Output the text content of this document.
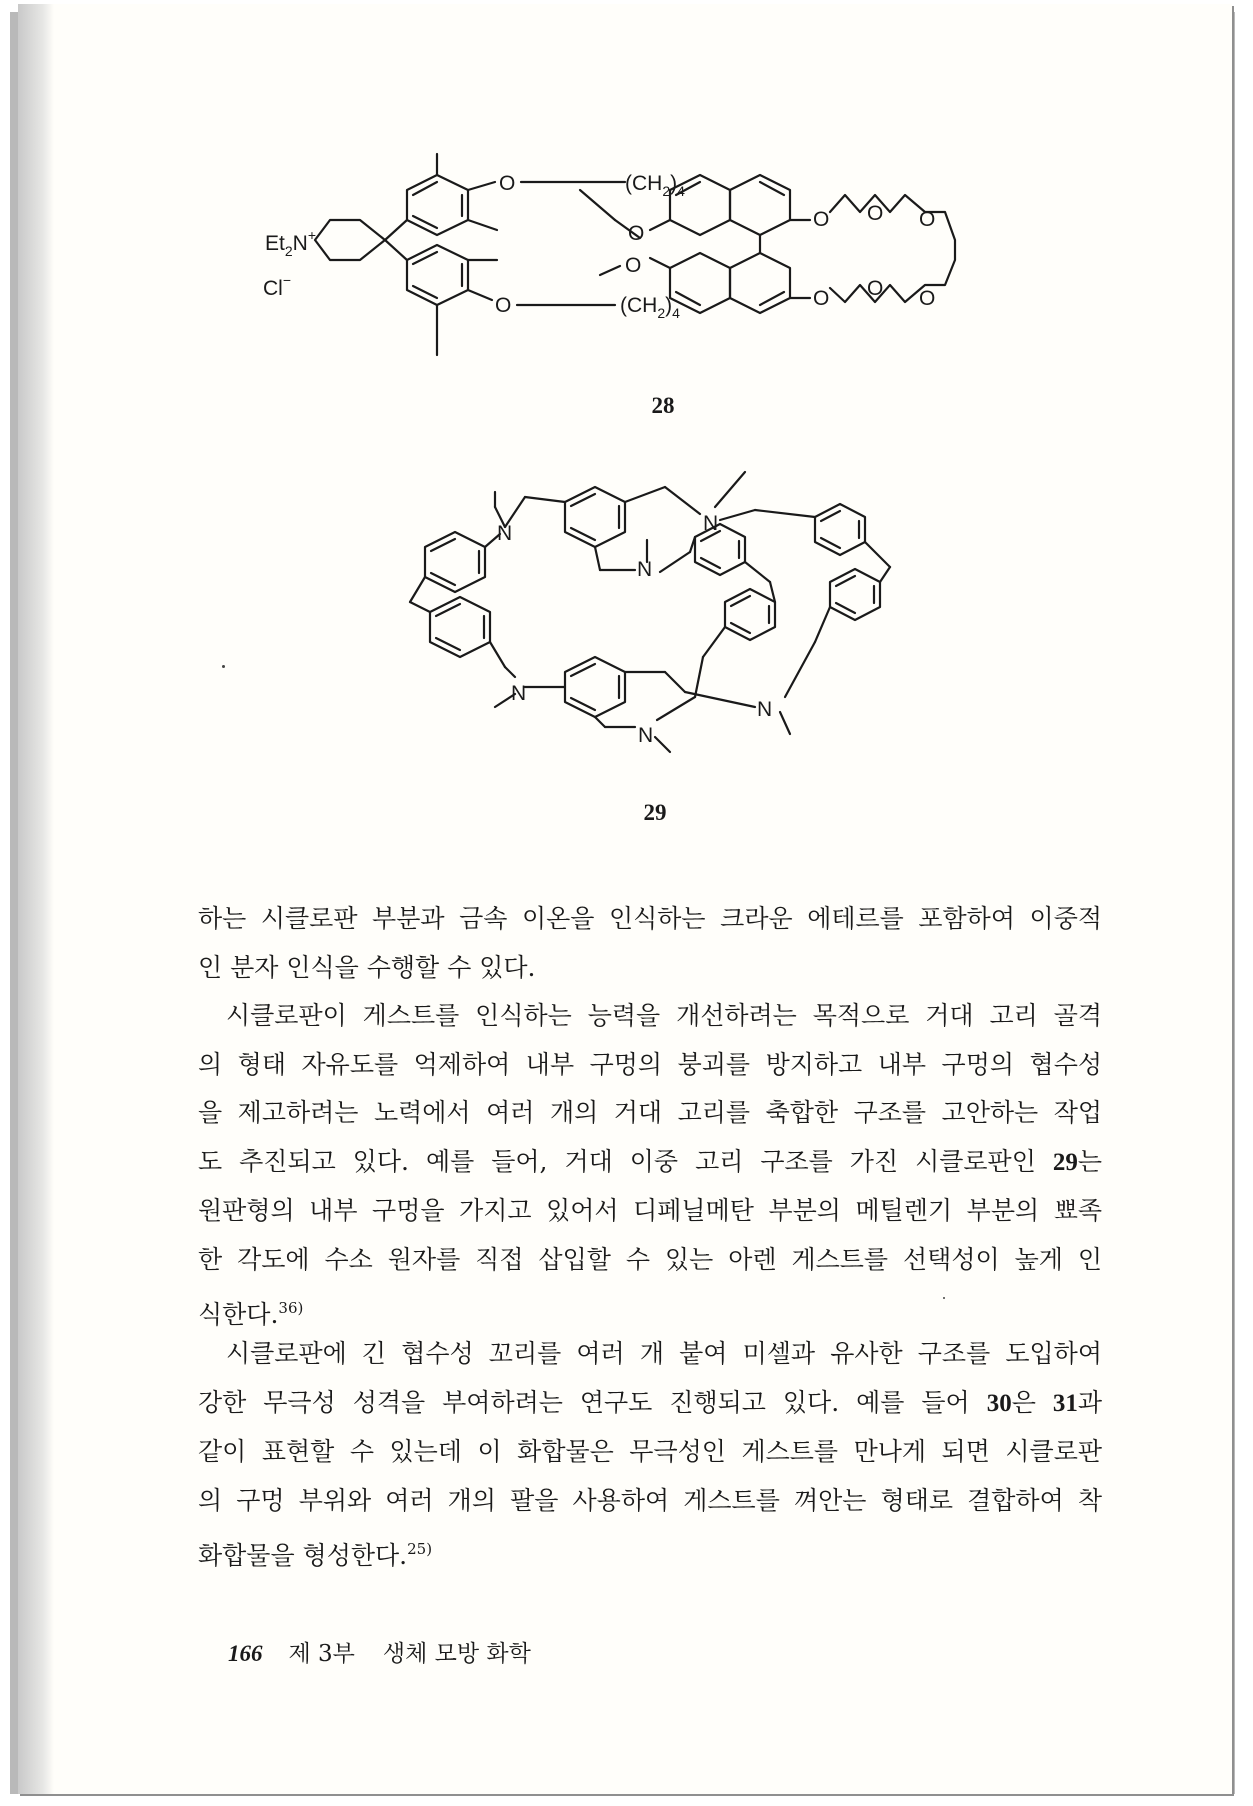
$Et_2N^+$
Cl−
O
O
O
O
O O O
O O O
$(CH_2)_4$
$(CH_2)_4$
28
N	N
N
N
N
N
29
하는 시클로판 부분과 금속 이온을 인식하는 크라운 에테르를 포함하여 이중적
인 분자 인식을 수행할 수 있다.
시클로판이 게스트를 인식하는 능력을 개선하려는 목적으로 거대 고리 골격
의 형태 자유도를 억제하여 내부 구멍의 붕괴를 방지하고 내부 구멍의 협수성
을 제고하려는 노력에서 여러 개의 거대 고리를 축합한 구조를 고안하는 작업
도 추진되고 있다. 예를 들어, 거대 이중 고리 구조를 가진 시클로판인 29는
원판형의 내부 구멍을 가지고 있어서 디페닐메탄 부분의 메틸렌기 부분의 뾰족
한 각도에 수소 원자를 직접 삽입할 수 있는 아렌 게스트를 선택성이 높게 인
식한다.$^{36)}$
시클로판에 긴 협수성 꼬리를 여러 개 붙여 미셀과 유사한 구조를 도입하여
강한 무극성 성격을 부여하려는 연구도 진행되고 있다. 예를 들어 30은 31과
같이 표현할 수 있는데 이 화합물은 무극성인 게스트를 만나게 되면 시클로판
의 구멍 부위와 여러 개의 팔을 사용하여 게스트를 껴안는 형태로 결합하여 착
화합물을 형성한다.$^{25)}$
166 제 3부 생체 모방 화학
